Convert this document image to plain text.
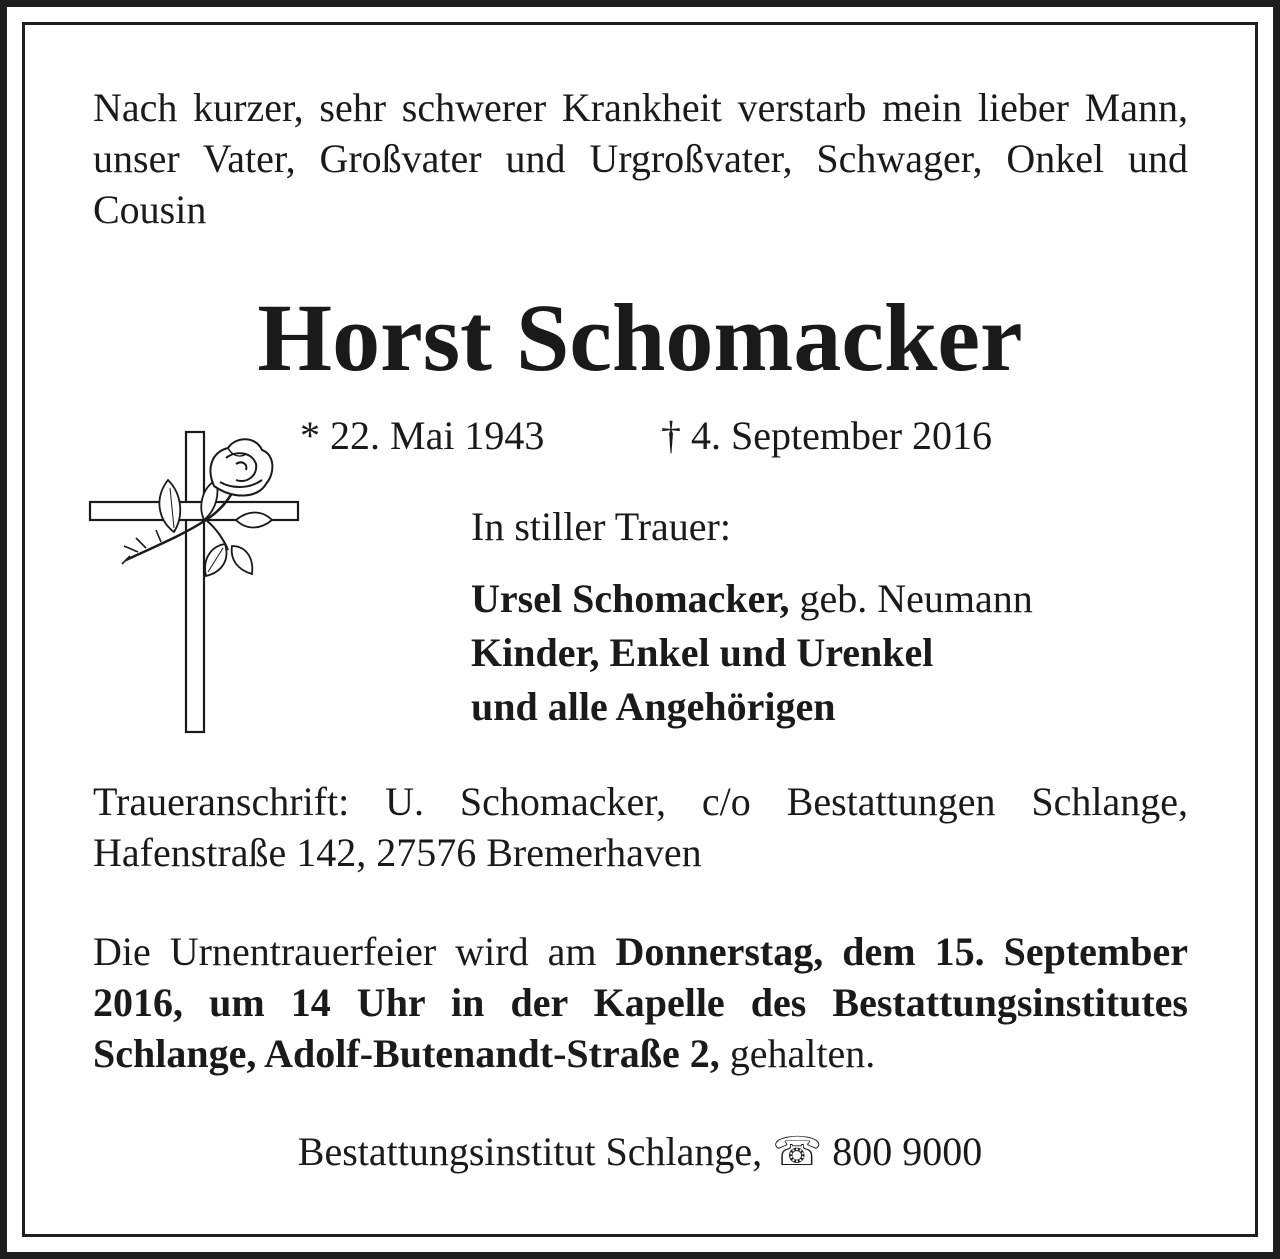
Nach kurzer, sehr schwerer Krankheit verstarb mein lieber Mann, unser Vater, Großvater und Urgroßvater, Schwager, Onkel und Cousin

Horst Schomacker
* 22. Mai 1943	† 4. September 2016
In stiller Trauer:
Ursel Schomacker, geb. Neumann
Kinder, Enkel und Urenkel
und alle Angehörigen

Traueranschrift: U. Schomacker, c/o Bestattungen Schlange, Hafenstraße 142, 27576 Bremerhaven

Die Urnentrauerfeier wird am Donnerstag, dem 15. September 2016, um 14 Uhr in der Kapelle des Bestattungsinstitutes Schlange, Adolf-Butenandt-Straße 2, gehalten.

Bestattungsinstitut Schlange, ☏ 800 9000
